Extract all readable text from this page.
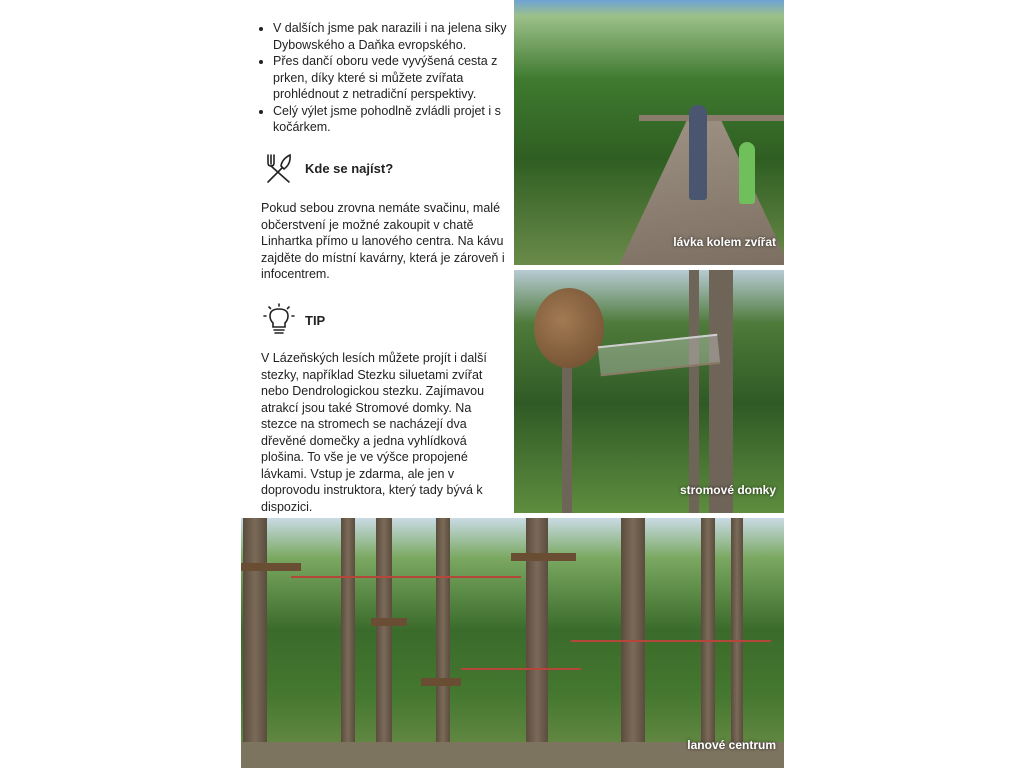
• V dalších jsme pak narazili i na jelena siky Dybowského a Daňka evropského.
• Přes dančí oboru vede vyvýšená cesta z prken, díky které si můžete zvířata prohlédnout z netradiční perspektivy.
• Celý výlet jsme pohodlně zvládli projet i s kočárkem.
Kde se najíst?

Pokud sebou zrovna nemáte svačinu, malé občerstvení je možné zakoupit v chatě Linhartka přímo u lanového centra. Na kávu zajděte do místní kavárny, která je zároveň i infocentrem.

TIP

V Lázeňských lesích můžete projít i další stezky, například Stezku siluetami zvířat nebo Dendrologickou stezku. Zajímavou atrakcí jsou také Stromové domky. Na stezce na stromech se nacházejí dva dřevěné domečky a jedna vyhlídková plošina. To vše je ve výšce propojené lávkami. Vstup je zdarma, ale jen v doprovodu instruktora, který tady bývá k dispozici.

lávka kolem zvířat
stromové domky
lanové centrum
